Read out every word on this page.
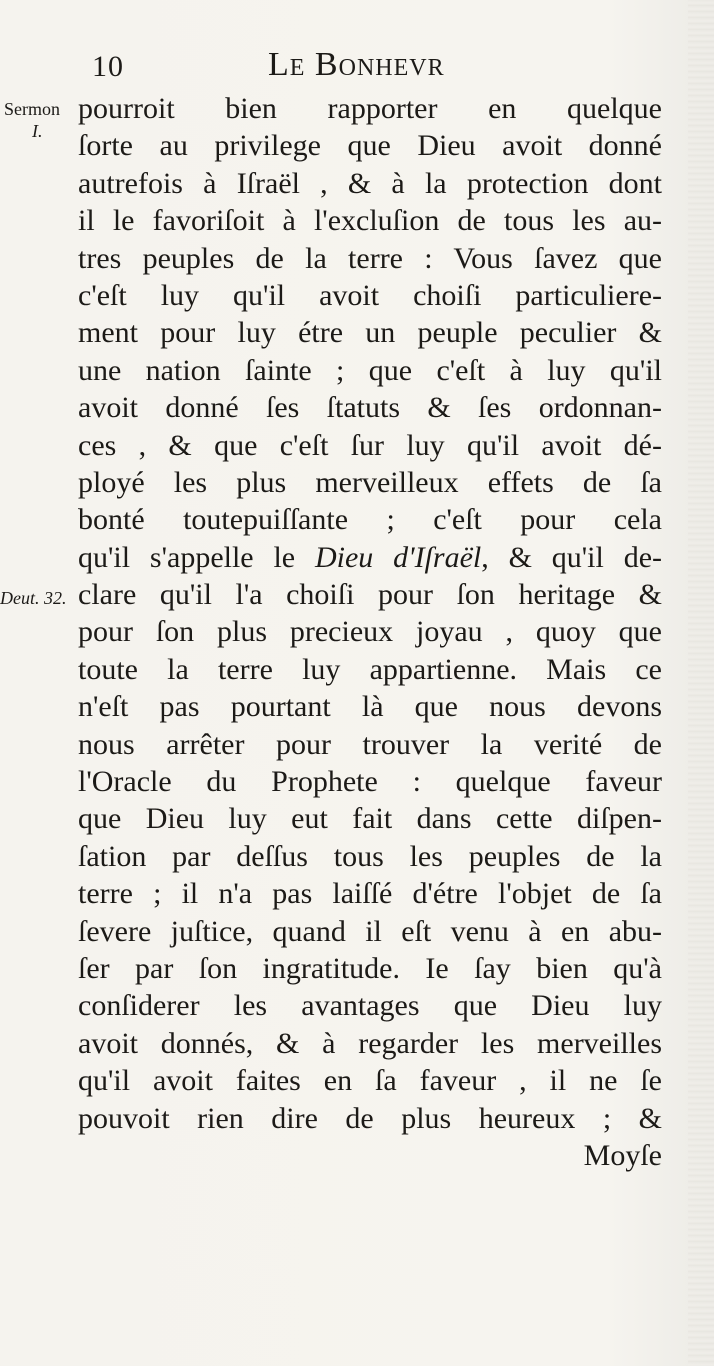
10	Le Bonhevr
Sermon
I.
Deut. 32.
pourroit bien rapporter en quelque
ſorte au privilege que Dieu avoit donné
autrefois à Iſraël , & à la protection dont
il le favoriſoit à l'excluſion de tous les au-
tres peuples de la terre : Vous ſavez que
c'eſt luy qu'il avoit choiſi particuliere-
ment pour luy étre un peuple peculier &
une nation ſainte ; que c'eſt à luy qu'il
avoit donné ſes ſtatuts & ſes ordonnan-
ces , & que c'eſt ſur luy qu'il avoit dé-
ployé les plus merveilleux effets de ſa
bonté toutepuiſſante ; c'eſt pour cela
qu'il s'appelle le Dieu d'Iſraël, & qu'il de-
clare qu'il l'a choiſi pour ſon heritage &
pour ſon plus precieux joyau , quoy que
toute la terre luy appartienne. Mais ce
n'eſt pas pourtant là que nous devons
nous arrêter pour trouver la verité de
l'Oracle du Prophete : quelque faveur
que Dieu luy eut fait dans cette diſpen-
ſation par deſſus tous les peuples de la
terre ; il n'a pas laiſſé d'étre l'objet de ſa
ſevere juſtice, quand il eſt venu à en abu-
ſer par ſon ingratitude. Ie ſay bien qu'à
conſiderer les avantages que Dieu luy
avoit donnés, & à regarder les merveilles
qu'il avoit faites en ſa faveur , il ne ſe
pouvoit rien dire de plus heureux ; &
Moyſe
